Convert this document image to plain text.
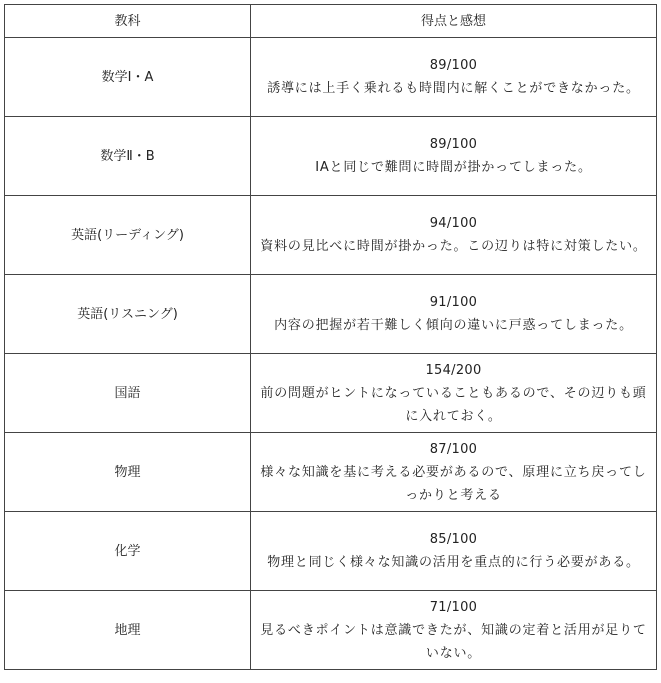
教科	得点と感想
数学Ⅰ・A	89/100
誘導には上手く乗れるも時間内に解くことができなかった。

数学Ⅱ・B	89/100
ⅠAと同じで難問に時間が掛かってしまった。

英語(リーディング)	94/100
資料の見比べに時間が掛かった。この辺りは特に対策したい。

英語(リスニング)	91/100
内容の把握が若干難しく傾向の違いに戸惑ってしまった。

国語	154/200
前の問題がヒントになっていることもあるので、その辺りも頭に入れておく。

物理	87/100
様々な知識を基に考える必要があるので、原理に立ち戻ってしっかりと考える

化学	85/100
物理と同じく様々な知識の活用を重点的に行う必要がある。

地理	71/100
見るべきポイントは意識できたが、知識の定着と活用が足りていない。
